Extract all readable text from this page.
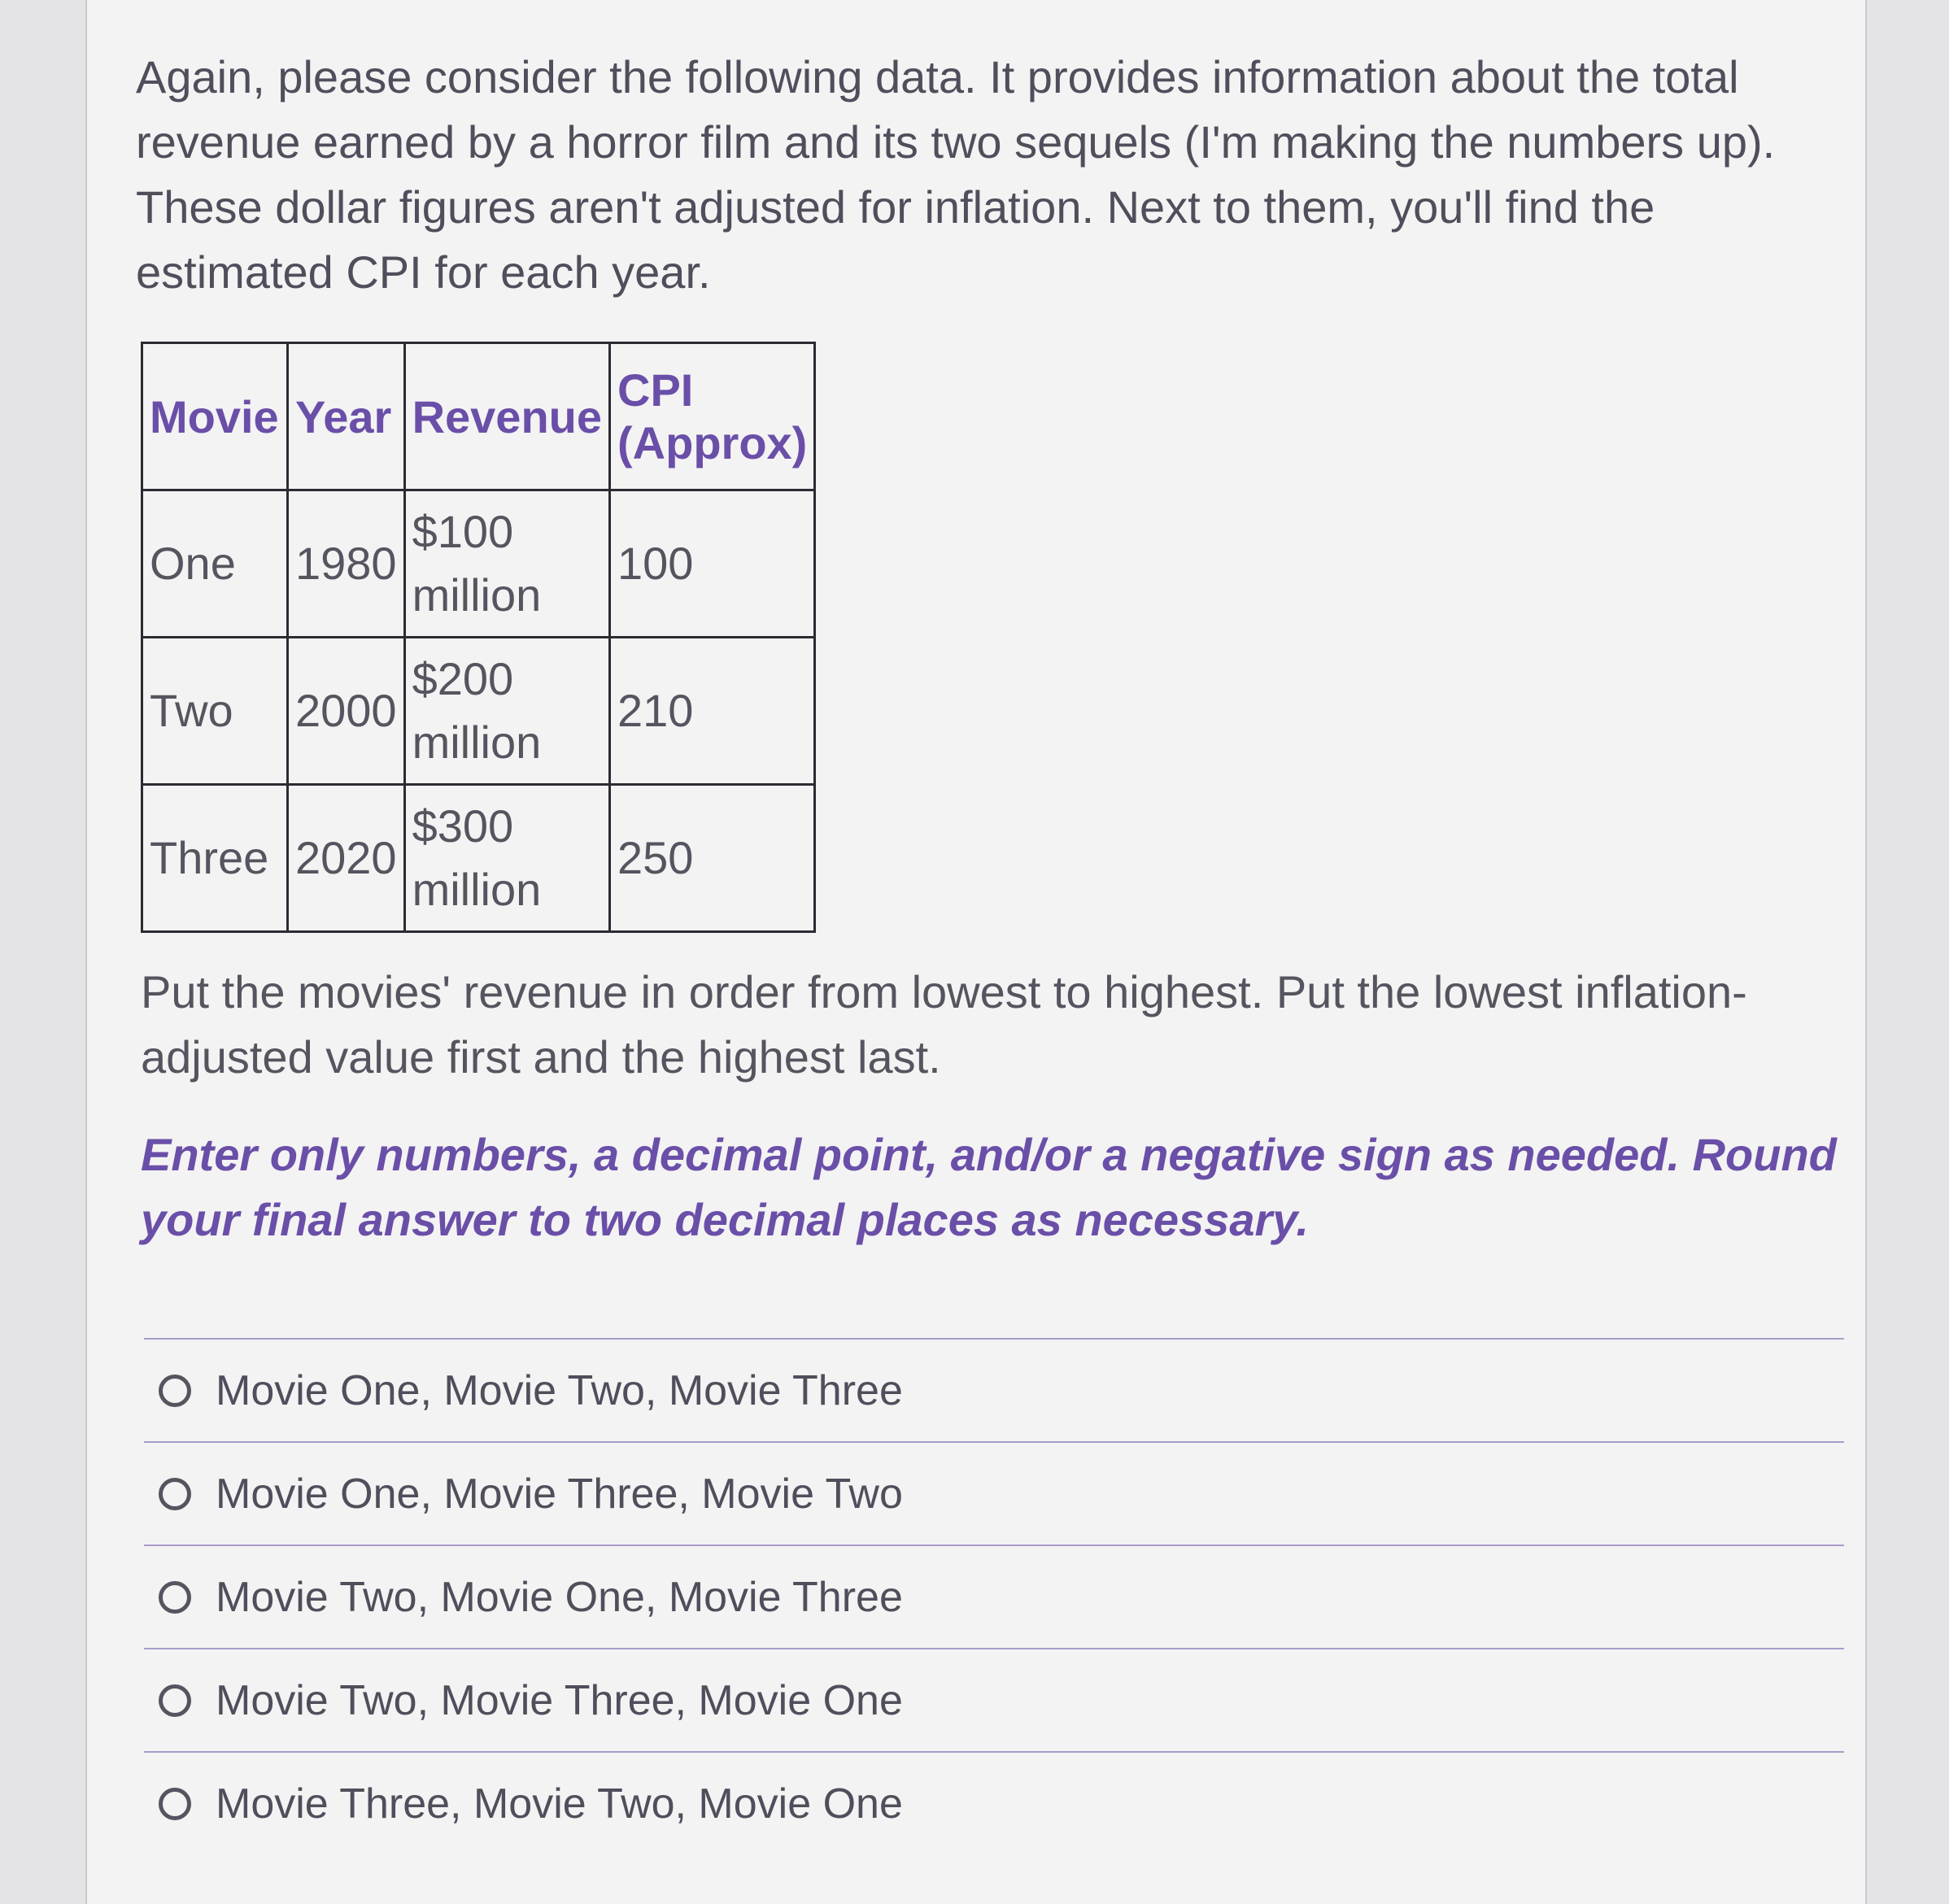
Again, please consider the following data. It provides information about the total revenue earned by a horror film and its two sequels (I'm making the numbers up). These dollar figures aren't adjusted for inflation. Next to them, you'll find the estimated CPI for each year.

Movie	Year	Revenue	CPI (Approx)
One	1980	$100 million	100
Two	2000	$200 million	210
Three	2020	$300 million	250

Put the movies' revenue in order from lowest to highest. Put the lowest inflation-adjusted value first and the highest last.

Enter only numbers, a decimal point, and/or a negative sign as needed. Round your final answer to two decimal places as necessary.

Movie One, Movie Two, Movie Three
Movie One, Movie Three, Movie Two
Movie Two, Movie One, Movie Three
Movie Two, Movie Three, Movie One
Movie Three, Movie Two, Movie One
